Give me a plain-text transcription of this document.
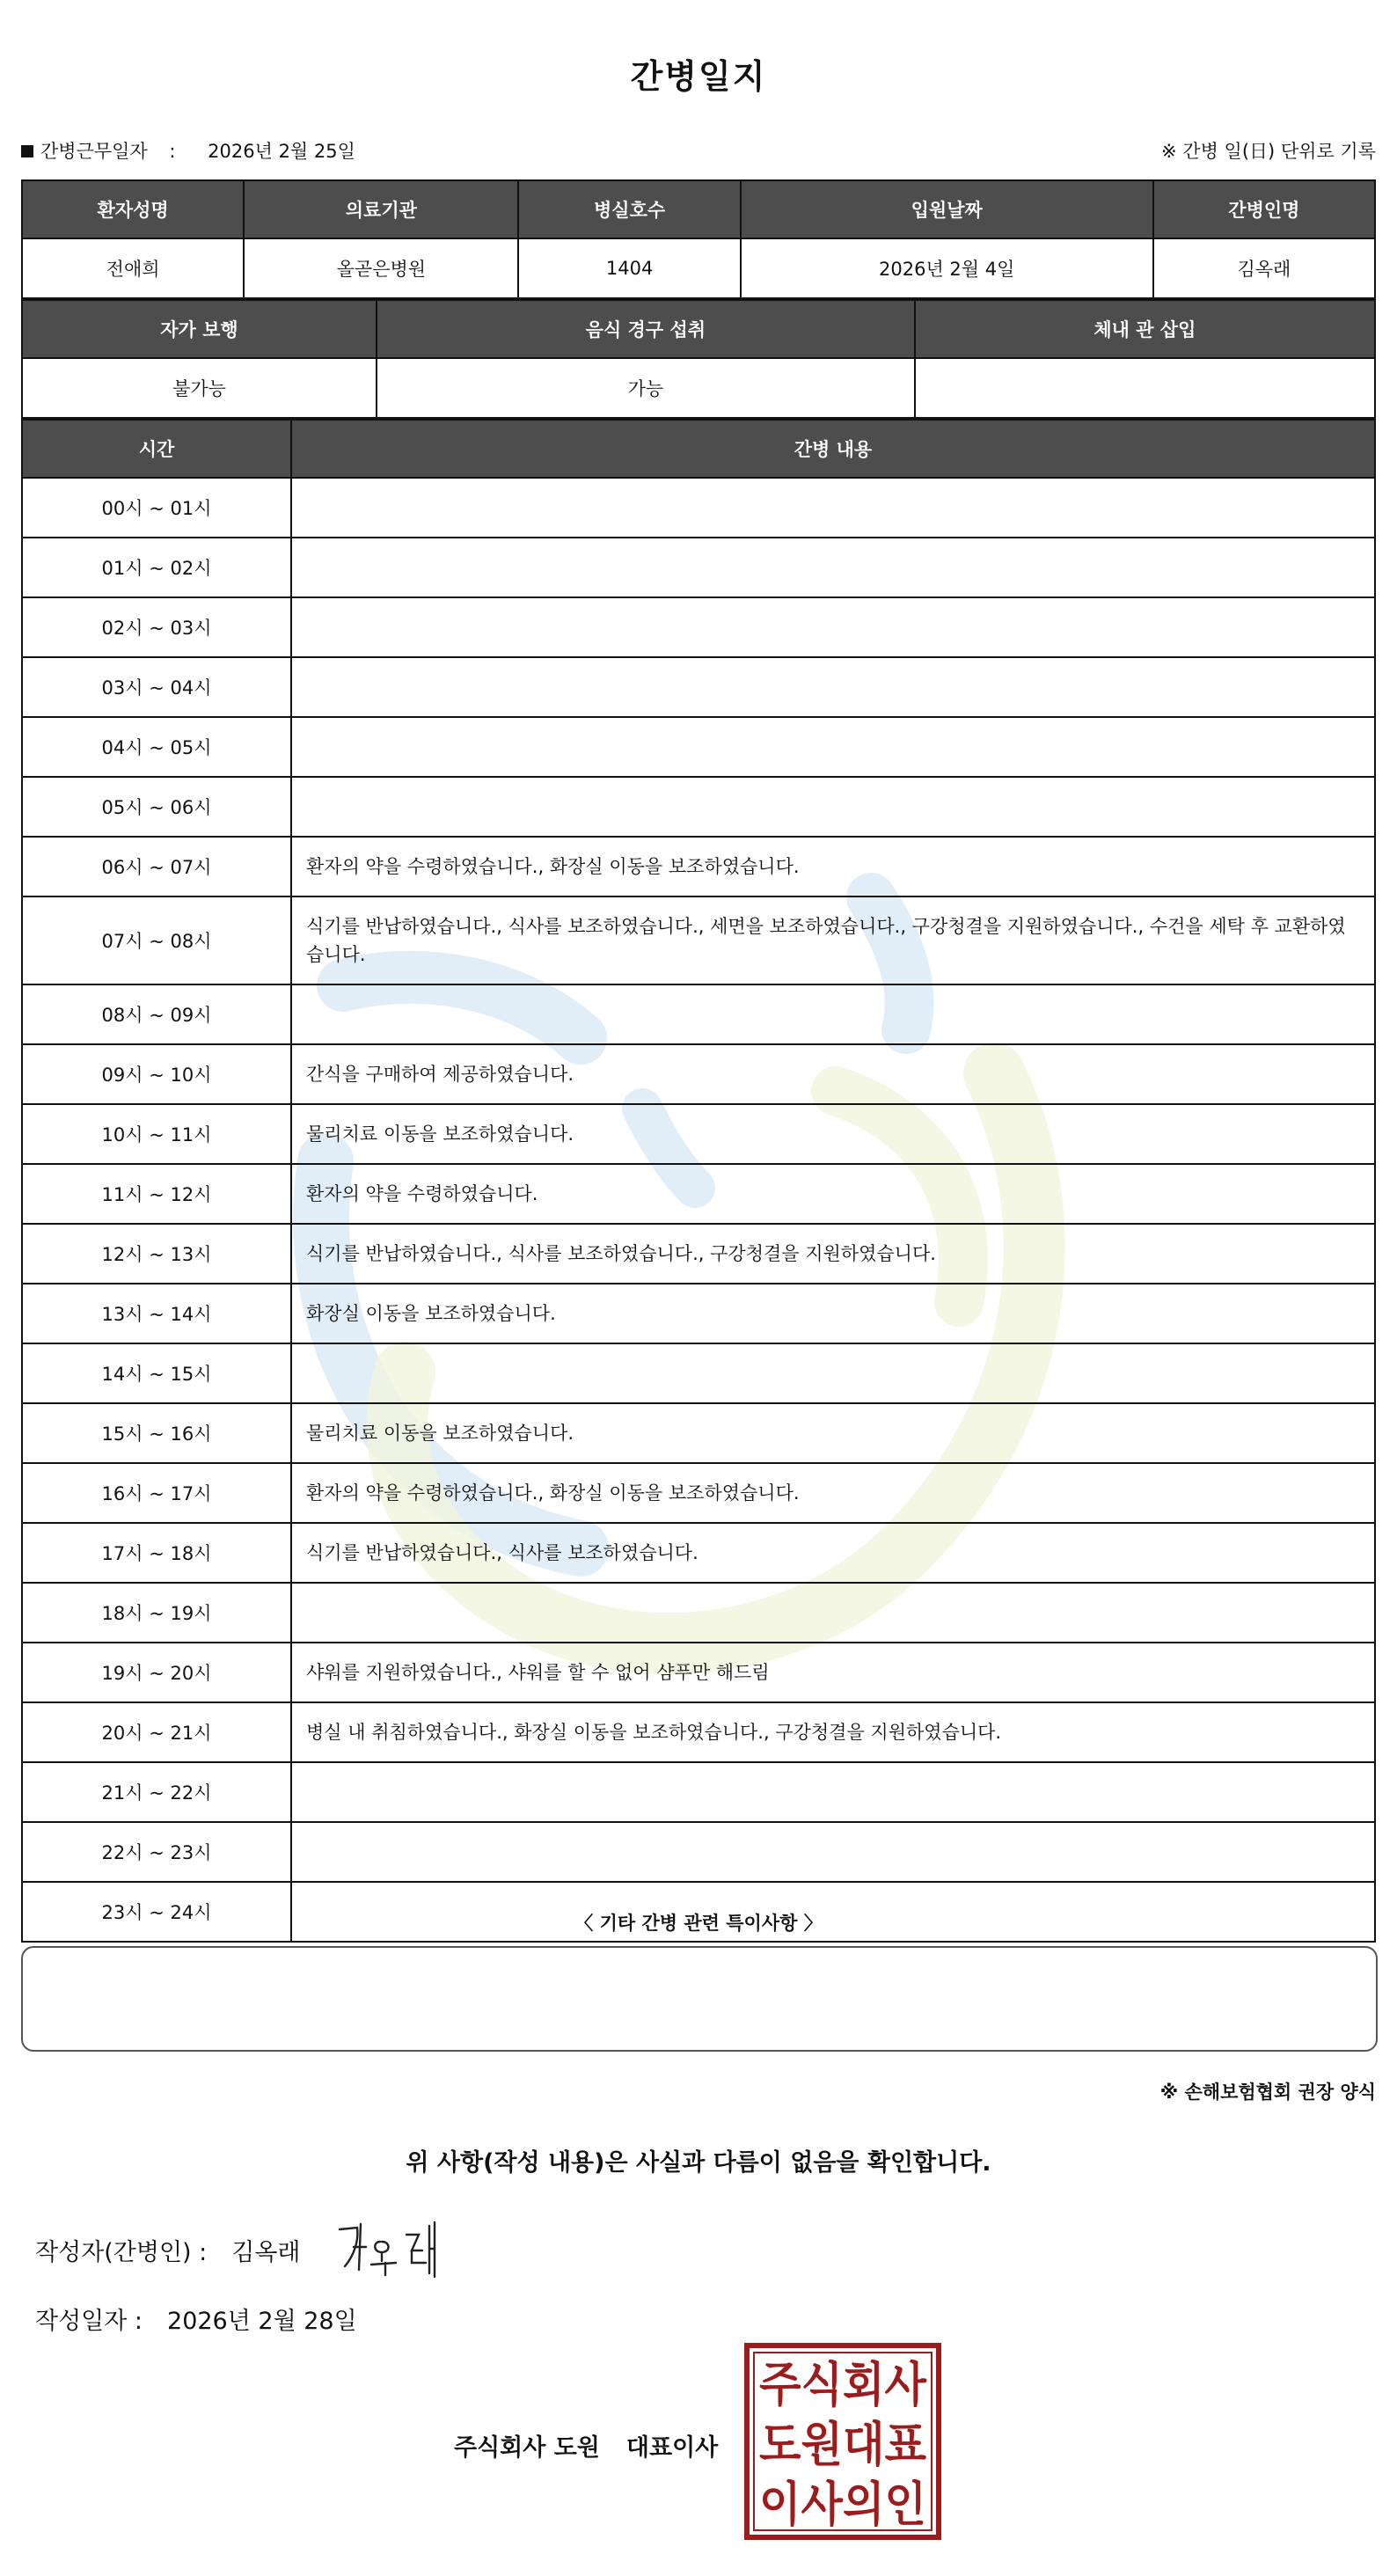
간병일지
간병근무일자 : 2026년 2월 25일	※ 간병 일(日) 단위로 기록
환자성명	의료기관	병실호수	입원날짜	간병인명
전애희	올곧은병원	1404	2026년 2월 4일	김옥래
자가 보행	음식 경구 섭취	체내 관 삽입
불가능	가능	
시간	간병 내용
00시 ~ 01시	
01시 ~ 02시	
02시 ~ 03시	
03시 ~ 04시	
04시 ~ 05시	
05시 ~ 06시	
06시 ~ 07시	환자의 약을 수령하였습니다., 화장실 이동을 보조하였습니다.
07시 ~ 08시	식기를 반납하였습니다., 식사를 보조하였습니다., 세면을 보조하였습니다., 구강청결을 지원하였습니다., 수건을 세탁 후 교환하였습니다.
08시 ~ 09시	
09시 ~ 10시	간식을 구매하여 제공하였습니다.
10시 ~ 11시	물리치료 이동을 보조하였습니다.
11시 ~ 12시	환자의 약을 수령하였습니다.
12시 ~ 13시	식기를 반납하였습니다., 식사를 보조하였습니다., 구강청결을 지원하였습니다.
13시 ~ 14시	화장실 이동을 보조하였습니다.
14시 ~ 15시	
15시 ~ 16시	물리치료 이동을 보조하였습니다.
16시 ~ 17시	환자의 약을 수령하였습니다., 화장실 이동을 보조하였습니다.
17시 ~ 18시	식기를 반납하였습니다., 식사를 보조하였습니다.
18시 ~ 19시	
19시 ~ 20시	샤워를 지원하였습니다., 샤워를 할 수 없어 샴푸만 해드림
20시 ~ 21시	병실 내 취침하였습니다., 화장실 이동을 보조하였습니다., 구강청결을 지원하였습니다.
21시 ~ 22시	
22시 ~ 23시	
23시 ~ 24시		〈 기타 간병 관련 특이사항 〉
※ 손해보험협회 권장 양식
위 사항(작성 내용)은 사실과 다름이 없음을 확인합니다.
작성자(간병인) : 김옥래
작성일자 : 2026년 2월 28일
주식회사 도원 대표이사
주식회사
도원대표
이사의인
